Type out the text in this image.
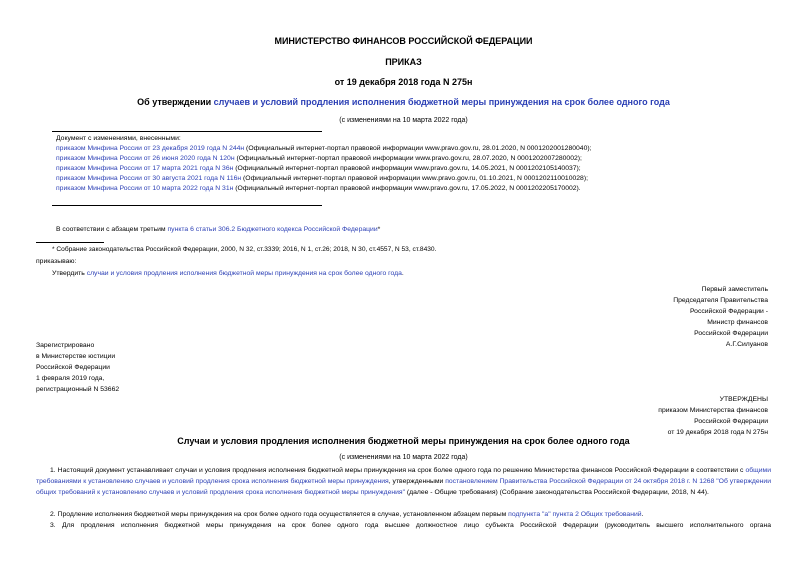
МИНИСТЕРСТВО ФИНАНСОВ РОССИЙСКОЙ ФЕДЕРАЦИИ
ПРИКАЗ
от 19 декабря 2018 года N 275н
Об утверждении случаев и условий продления исполнения бюджетной меры принуждения на срок более одного года
(с изменениями на 10 марта 2022 года)
Документ с изменениями, внесенными:
приказом Минфина России от 23 декабря 2019 года N 244н (Официальный интернет-портал правовой информации www.pravo.gov.ru, 28.01.2020, N 0001202001280040);
приказом Минфина России от 26 июня 2020 года N 120н (Официальный интернет-портал правовой информации www.pravo.gov.ru, 28.07.2020, N 0001202007280002);
приказом Минфина России от 17 марта 2021 года N 36н (Официальный интернет-портал правовой информации www.pravo.gov.ru, 14.05.2021, N 0001202105140037);
приказом Минфина России от 30 августа 2021 года N 116н (Официальный интернет-портал правовой информации www.pravo.gov.ru, 01.10.2021, N 0001202110010028);
приказом Минфина России от 10 марта 2022 года N 31н (Официальный интернет-портал правовой информации www.pravo.gov.ru, 17.05.2022, N 0001202205170002).
В соответствии с абзацем третьим пункта 6 статьи 306.2 Бюджетного кодекса Российской Федерации*
* Собрание законодательства Российской Федерации, 2000, N 32, ст.3339; 2016, N 1, ст.26; 2018, N 30, ст.4557, N 53, ст.8430.
приказываю:
Утвердить случаи и условия продления исполнения бюджетной меры принуждения на срок более одного года.
Первый заместитель
Председателя Правительства
Российской Федерации -
Министр финансов
Российской Федерации
А.Г.Силуанов
Зарегистрировано
в Министерстве юстиции
Российской Федерации
1 февраля 2019 года,
регистрационный N 53662
УТВЕРЖДЕНЫ
приказом Министерства финансов
Российской Федерации
от 19 декабря 2018 года N 275н
Случаи и условия продления исполнения бюджетной меры принуждения на срок более одного года
(с изменениями на 10 марта 2022 года)
1. Настоящий документ устанавливает случаи и условия продления исполнения бюджетной меры принуждения на срок более одного года по решению Министерства финансов Российской Федерации в соответствии с общими требованиями к установлению случаев и условий продления срока исполнения бюджетной меры принуждения, утвержденными постановлением Правительства Российской Федерации от 24 октября 2018 г. N 1268 "Об утверждении общих требований к установлению случаев и условий продления срока исполнения бюджетной меры принуждения" (далее - Общие требования) (Собрание законодательства Российской Федерации, 2018, N 44).
2. Продление исполнения бюджетной меры принуждения на срок более одного года осуществляется в случае, установленном абзацем первым подпункта "а" пункта 2 Общих требований.
3. Для продления исполнения бюджетной меры принуждения на срок более одного года высшее должностное лицо субъекта Российской Федерации (руководитель высшего исполнительного органа
